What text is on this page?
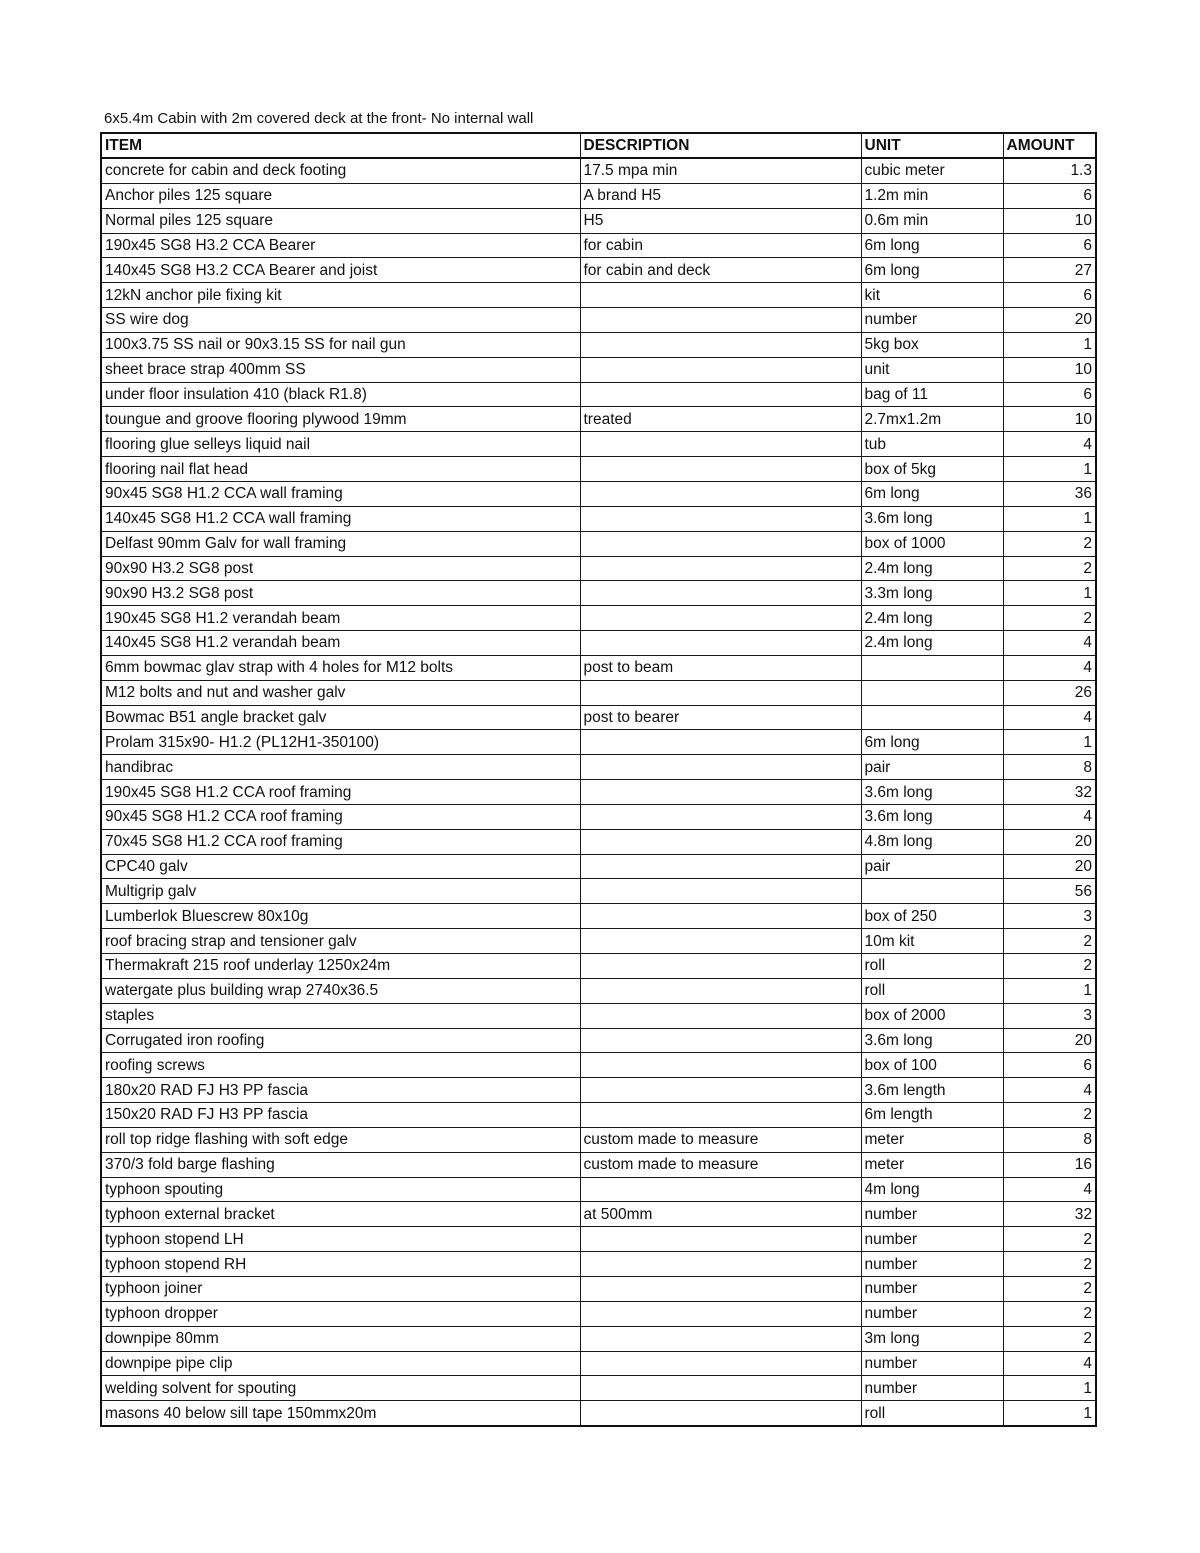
6x5.4m Cabin with 2m covered deck at the front- No internal wall
ITEM	DESCRIPTION	UNIT	AMOUNT
concrete for cabin and deck footing	17.5 mpa min	cubic meter	1.3
Anchor piles 125 square	A brand H5	1.2m min	6
Normal piles 125 square	H5	0.6m min	10
190x45 SG8 H3.2 CCA Bearer	for cabin	6m long	6
140x45 SG8 H3.2 CCA Bearer and joist	for cabin and deck	6m long	27
12kN anchor pile fixing kit		kit	6
SS wire dog		number	20
100x3.75 SS nail or 90x3.15 SS for nail gun		5kg box	1
sheet brace strap 400mm SS		unit	10
under floor insulation 410 (black R1.8)		bag of 11	6
toungue and groove flooring plywood 19mm	treated	2.7mx1.2m	10
flooring glue selleys liquid nail		tub	4
flooring nail flat head		box of 5kg	1
90x45 SG8 H1.2 CCA wall framing		6m long	36
140x45 SG8 H1.2 CCA wall framing		3.6m long	1
Delfast 90mm Galv for wall framing		box of 1000	2
90x90 H3.2 SG8 post		2.4m long	2
90x90 H3.2 SG8 post		3.3m long	1
190x45 SG8 H1.2 verandah beam		2.4m long	2
140x45 SG8 H1.2 verandah beam		2.4m long	4
6mm bowmac glav strap with 4 holes for M12 bolts	post to beam		4
M12 bolts and nut and washer galv			26
Bowmac B51 angle bracket galv	post to bearer		4
Prolam 315x90- H1.2 (PL12H1-350100)		6m long	1
handibrac		pair	8
190x45 SG8 H1.2 CCA roof framing		3.6m long	32
90x45 SG8 H1.2 CCA roof framing		3.6m long	4
70x45 SG8 H1.2 CCA roof framing		4.8m long	20
CPC40 galv		pair	20
Multigrip galv			56
Lumberlok Bluescrew 80x10g		box of 250	3
roof bracing strap and tensioner galv		10m kit	2
Thermakraft 215 roof underlay 1250x24m		roll	2
watergate plus building wrap 2740x36.5		roll	1
staples		box of 2000	3
Corrugated iron roofing		3.6m long	20
roofing screws		box of 100	6
180x20 RAD FJ H3 PP fascia		3.6m length	4
150x20 RAD FJ H3 PP fascia		6m length	2
roll top ridge flashing with soft edge	custom made to measure	meter	8
370/3 fold barge flashing	custom made to measure	meter	16
typhoon spouting		4m long	4
typhoon external bracket	at 500mm	number	32
typhoon stopend LH		number	2
typhoon stopend RH		number	2
typhoon joiner		number	2
typhoon dropper		number	2
downpipe 80mm		3m long	2
downpipe pipe clip		number	4
welding solvent for spouting		number	1
masons 40 below sill tape 150mmx20m		roll	1
